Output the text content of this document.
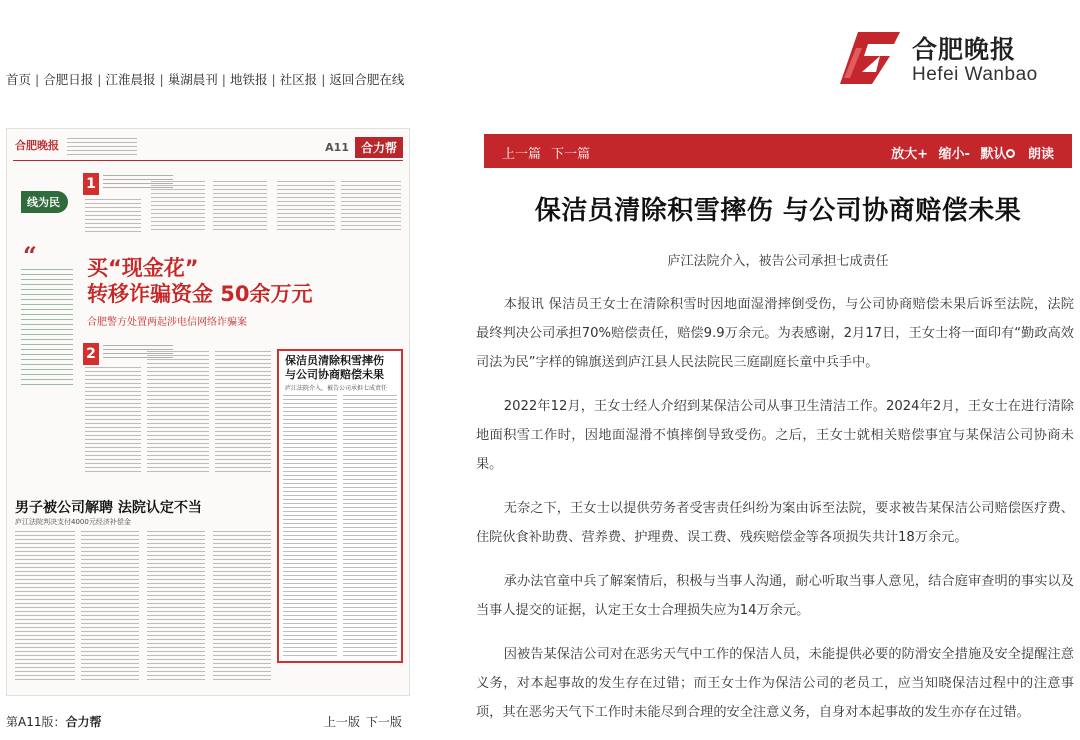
首页 | 合肥日报 | 江淮晨报 | 巢湖晨刊 | 地铁报 | 社区报 | 返回合肥在线
合肥晚报
Hefei Wanbao
合肥晚报	A11 合力帮
1
线为民
“ 买“现金花”
转移诈骗资金 50余万元
合肥警方处置两起涉电信网络诈骗案
2	保洁员清除积雪摔伤
与公司协商赔偿未果
庐江法院介入，被告公司承担七成责任
男子被公司解聘 法院认定不当
庐江法院判决支付4000元经济补偿金
第A11版：合力帮	上一版 下一版
上一篇 下一篇	放大+ 缩小- 默认 朗读
保洁员清除积雪摔伤 与公司协商赔偿未果
庐江法院介入，被告公司承担七成责任

本报讯 保洁员王女士在清除积雪时因地面湿滑摔倒受伤，与公司协商赔偿未果后诉至法院，法院最终判决公司承担70%赔偿责任，赔偿9.9万余元。为表感谢，2月17日，王女士将一面印有“勤政高效 司法为民”字样的锦旗送到庐江县人民法院民三庭副庭长童中兵手中。

2022年12月，王女士经人介绍到某保洁公司从事卫生清洁工作。2024年2月，王女士在进行清除地面积雪工作时，因地面湿滑不慎摔倒导致受伤。之后，王女士就相关赔偿事宜与某保洁公司协商未果。

无奈之下，王女士以提供劳务者受害责任纠纷为案由诉至法院，要求被告某保洁公司赔偿医疗费、住院伙食补助费、营养费、护理费、误工费、残疾赔偿金等各项损失共计18万余元。

承办法官童中兵了解案情后，积极与当事人沟通，耐心听取当事人意见，结合庭审查明的事实以及当事人提交的证据，认定王女士合理损失应为14万余元。

因被告某保洁公司对在恶劣天气中工作的保洁人员，未能提供必要的防滑安全措施及安全提醒注意义务，对本起事故的发生存在过错；而王女士作为保洁公司的老员工，应当知晓保洁过程中的注意事项，其在恶劣天气下工作时未能尽到合理的安全注意义务，自身对本起事故的发生亦存在过错。
